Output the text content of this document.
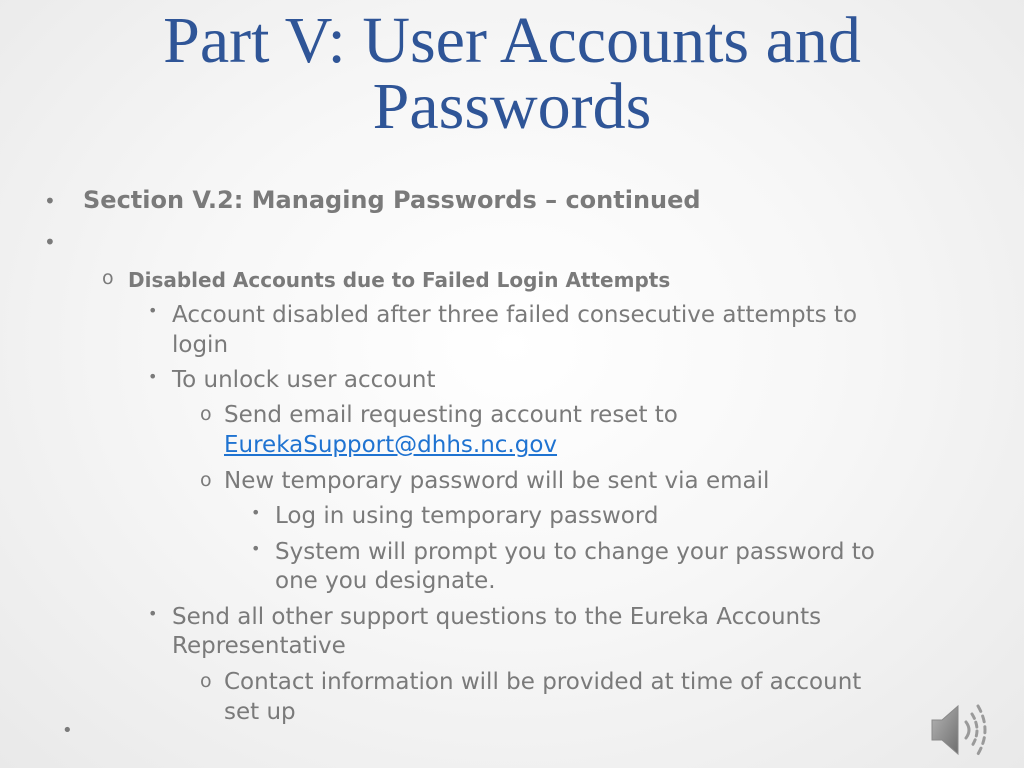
Part V: User Accounts and
Passwords
• Section V.2: Managing Passwords – continued
•
o Disabled Accounts due to Failed Login Attempts
• Account disabled after three failed consecutive attempts to
login
• To unlock user account
o Send email requesting account reset to
EurekaSupport@dhhs.nc.gov
o New temporary password will be sent via email
• Log in using temporary password
• System will prompt you to change your password to
one you designate.
• Send all other support questions to the Eureka Accounts
Representative
o Contact information will be provided at time of account
set up
•
